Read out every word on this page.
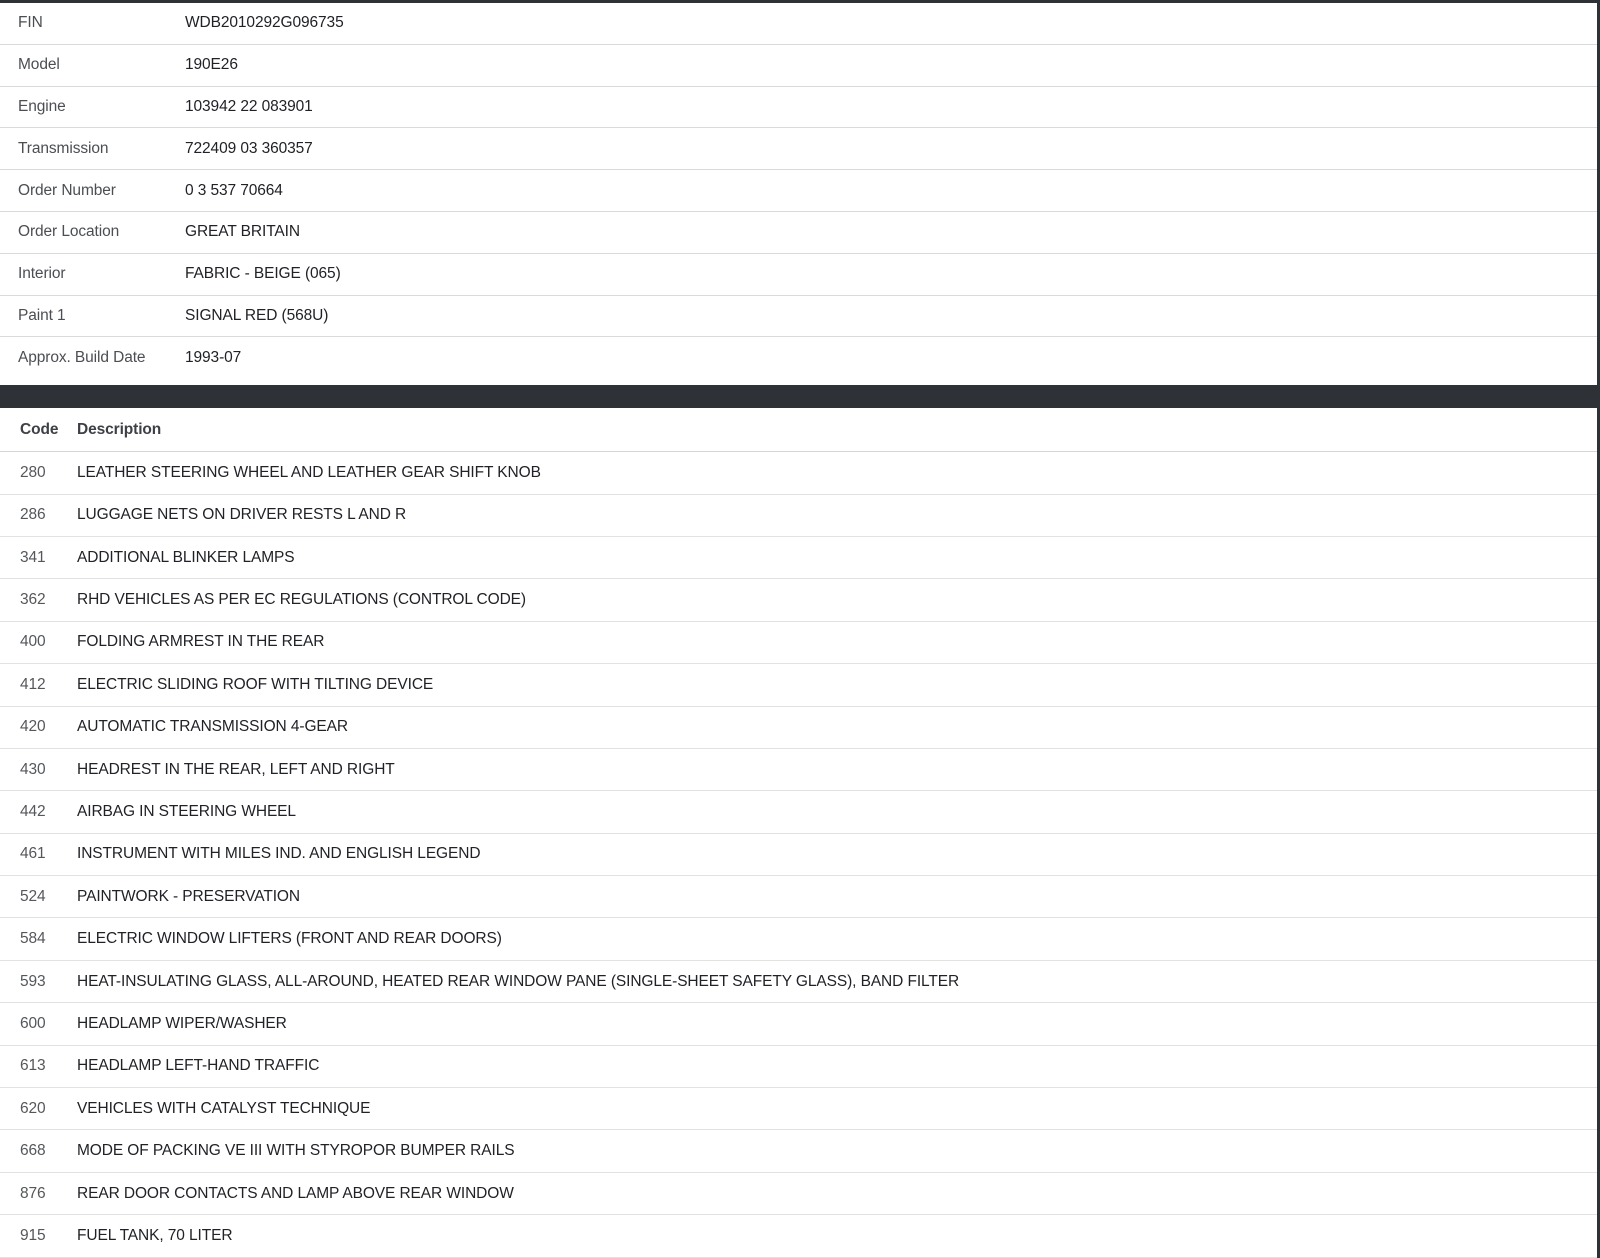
FIN	WDB2010292G096735
Model	190E26
Engine	103942 22 083901
Transmission	722409 03 360357
Order Number	0 3 537 70664
Order Location	GREAT BRITAIN
Interior	FABRIC - BEIGE (065)
Paint 1	SIGNAL RED (568U)
Approx. Build Date	1993-07
Code	Description
280	LEATHER STEERING WHEEL AND LEATHER GEAR SHIFT KNOB
286	LUGGAGE NETS ON DRIVER RESTS L AND R
341	ADDITIONAL BLINKER LAMPS
362	RHD VEHICLES AS PER EC REGULATIONS (CONTROL CODE)
400	FOLDING ARMREST IN THE REAR
412	ELECTRIC SLIDING ROOF WITH TILTING DEVICE
420	AUTOMATIC TRANSMISSION 4-GEAR
430	HEADREST IN THE REAR, LEFT AND RIGHT
442	AIRBAG IN STEERING WHEEL
461	INSTRUMENT WITH MILES IND. AND ENGLISH LEGEND
524	PAINTWORK - PRESERVATION
584	ELECTRIC WINDOW LIFTERS (FRONT AND REAR DOORS)
593	HEAT-INSULATING GLASS, ALL-AROUND, HEATED REAR WINDOW PANE (SINGLE-SHEET SAFETY GLASS), BAND FILTER
600	HEADLAMP WIPER/WASHER
613	HEADLAMP LEFT-HAND TRAFFIC
620	VEHICLES WITH CATALYST TECHNIQUE
668	MODE OF PACKING VE III WITH STYROPOR BUMPER RAILS
876	REAR DOOR CONTACTS AND LAMP ABOVE REAR WINDOW
915	FUEL TANK, 70 LITER
